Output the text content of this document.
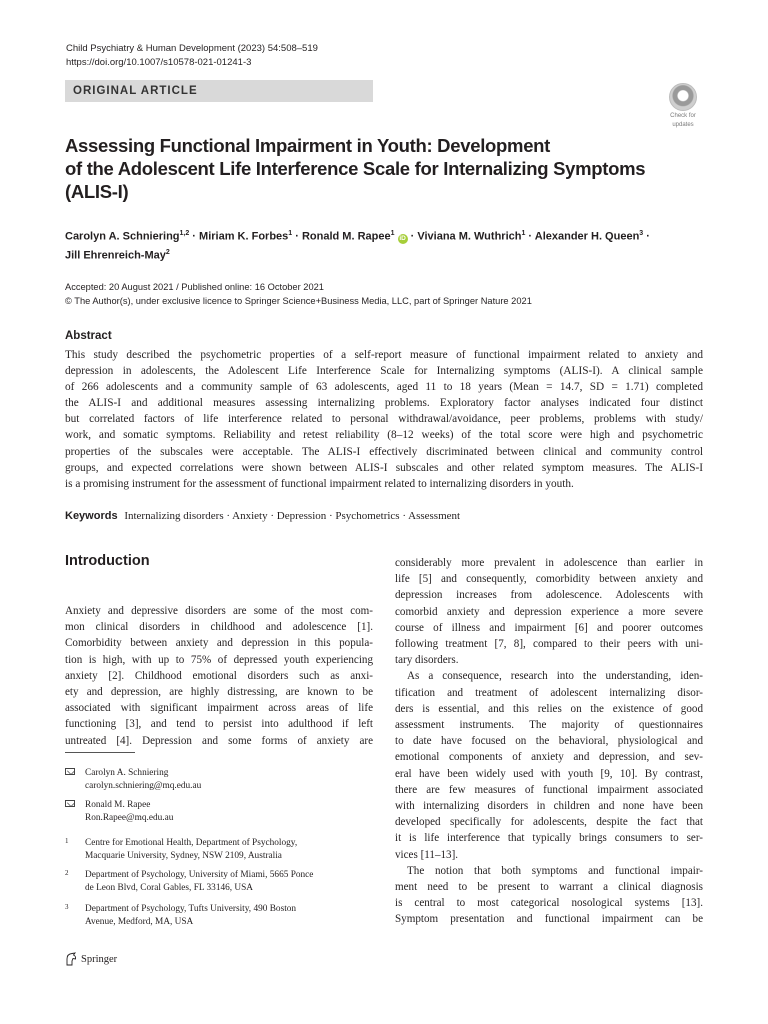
Child Psychiatry & Human Development (2023) 54:508–519
https://doi.org/10.1007/s10578-021-01241-3
ORIGINAL ARTICLE
Check for
updates
Assessing Functional Impairment in Youth: Development
of the Adolescent Life Interference Scale for Internalizing Symptoms
(ALIS-I)
Carolyn A. Schniering$^{1,2}$ · Miriam K. Forbes$^1$ · Ronald M. Rapee$^1$ iD · Viviana M. Wuthrich$^1$ · Alexander H. Queen$^3$ ·
Jill Ehrenreich-May$^2$
Accepted: 20 August 2021 / Published online: 16 October 2021
© The Author(s), under exclusive licence to Springer Science+Business Media, LLC, part of Springer Nature 2021
Abstract
This study described the psychometric properties of a self-report measure of functional impairment related to anxiety and
depression in adolescents, the Adolescent Life Interference Scale for Internalizing symptoms (ALIS-I). A clinical sample
of 266 adolescents and a community sample of 63 adolescents, aged 11 to 18 years (Mean = 14.7, SD = 1.71) completed
the ALIS-I and additional measures assessing internalizing problems. Exploratory factor analyses indicated four distinct
but correlated factors of life interference related to personal withdrawal/avoidance, peer problems, problems with study/
work, and somatic symptoms. Reliability and retest reliability (8–12 weeks) of the total score were high and psychometric
properties of the subscales were acceptable. The ALIS-I effectively discriminated between clinical and community control
groups, and expected correlations were shown between ALIS-I subscales and other related symptom measures. The ALIS-I
is a promising instrument for the assessment of functional impairment related to internalizing disorders in youth.
Keywords Internalizing disorders · Anxiety · Depression · Psychometrics · Assessment
Introduction
Anxiety and depressive disorders are some of the most com-
mon clinical disorders in childhood and adolescence [1].
Comorbidity between anxiety and depression in this popula-
tion is high, with up to 75% of depressed youth experiencing
anxiety [2]. Childhood emotional disorders such as anxi-
ety and depression, are highly distressing, are known to be
associated with significant impairment across areas of life
functioning [3], and tend to persist into adulthood if left
untreated [4]. Depression and some forms of anxiety are
considerably more prevalent in adolescence than earlier in
life [5] and consequently, comorbidity between anxiety and
depression increases from adolescence. Adolescents with
comorbid anxiety and depression experience a more severe
course of illness and impairment [6] and poorer outcomes
following treatment [7, 8], compared to their peers with uni-
tary disorders.
As a consequence, research into the understanding, iden-
tification and treatment of adolescent internalizing disor-
ders is essential, and this relies on the existence of good
assessment instruments. The majority of questionnaires
to date have focused on the behavioral, physiological and
emotional components of anxiety and depression, and sev-
eral have been widely used with youth [9, 10]. By contrast,
there are few measures of functional impairment associated
with internalizing disorders in children and none have been
developed specifically for adolescents, despite the fact that
it is life interference that typically brings consumers to ser-
vices [11–13].
The notion that both symptoms and functional impair-
ment need to be present to warrant a clinical diagnosis
is central to most categorical nosological systems [13].
Symptom presentation and functional impairment can be
Carolyn A. Schniering
carolyn.schniering@mq.edu.au
Ronald M. Rapee
Ron.Rapee@mq.edu.au
1 Centre for Emotional Health, Department of Psychology,
Macquarie University, Sydney, NSW 2109, Australia
2 Department of Psychology, University of Miami, 5665 Ponce
de Leon Blvd, Coral Gables, FL 33146, USA
3 Department of Psychology, Tufts University, 490 Boston
Avenue, Medford, MA, USA
Springer
